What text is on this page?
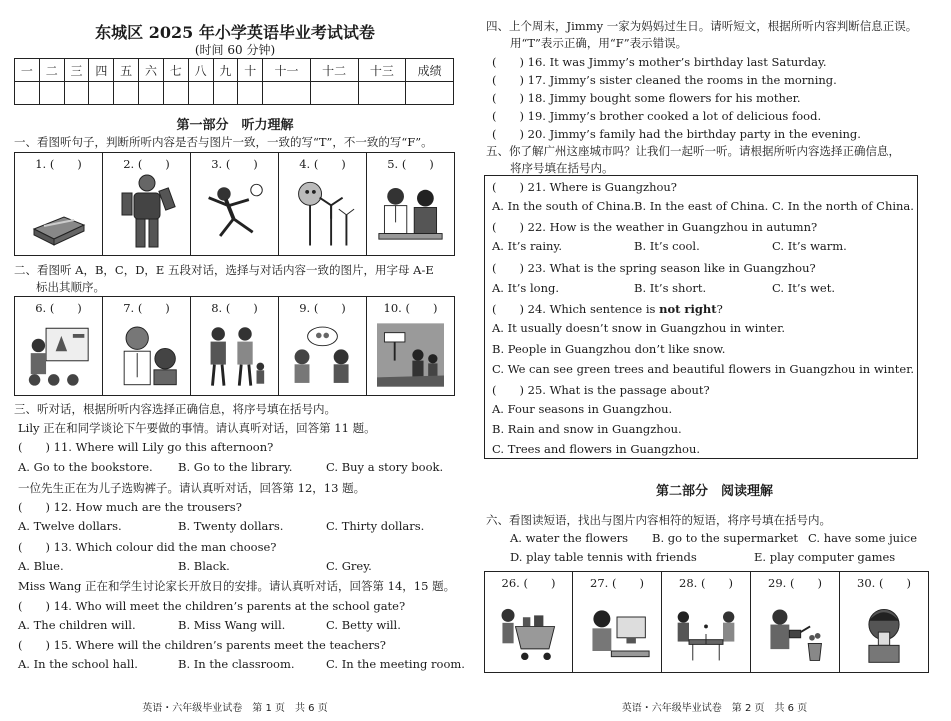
东城区 2025 年小学英语毕业考试试卷
(时间 60 分钟)
一	二	三	四	五	六	七	八	九	十	十一	十二	十三	成绩

第一部分　听力理解
一、看图听句子，判断所听内容是否与图片一致，一致的写“T”，不一致的写“F”。
1. (　　)	2. (　　)	3. (　　)	4. (　　)	5. (　　)
二、看图听 A，B，C，D，E 五段对话，选择与对话内容一致的图片，用字母 A-E
标出其顺序。
6. (　　)	7. (　　)	8. (　　)	9. (　　)	10. (　　)
三、听对话，根据所听内容选择正确信息，将序号填在括号内。
Lily 正在和同学谈论下午要做的事情。请认真听对话，回答第 11 题。
(　　) 11. Where will Lily go this afternoon?
A. Go to the bookstore. B. Go to the library.	C. Buy a story book.
一位先生正在为儿子选购裤子。请认真听对话，回答第 12，13 题。
(　　) 12. How much are the trousers?
A. Twelve dollars.	B. Twenty dollars.	C. Thirty dollars.
(　　) 13. Which colour did the man choose?
A. Blue.	B. Black.	C. Grey.
Miss Wang 正在和学生讨论家长开放日的安排。请认真听对话，回答第 14，15 题。
(　　) 14. Who will meet the children’s parents at the school gate?
A. The children will.	B. Miss Wang will.	C. Betty will.
(　　) 15. Where will the children’s parents meet the teachers?
A. In the school hall.	B. In the classroom.	C. In the meeting room.
英语・六年级毕业试卷　第 1 页　共 6 页
四、上个周末，Jimmy 一家为妈妈过生日。请听短文，根据所听内容判断信息正误。
用“T”表示正确，用“F”表示错误。
(　　) 16. It was Jimmy’s mother’s birthday last Saturday.
(　　) 17. Jimmy’s sister cleaned the rooms in the morning.
(　　) 18. Jimmy bought some flowers for his mother.
(　　) 19. Jimmy’s brother cooked a lot of delicious food.
(　　) 20. Jimmy’s family had the birthday party in the evening.
五、你了解广州这座城市吗？让我们一起听一听。请根据所听内容选择正确信息，
将序号填在括号内。
(　　) 21. Where is Guangzhou?
A. In the south of China. B. In the east of China. C. In the north of China.
(　　) 22. How is the weather in Guangzhou in autumn?
A. It’s rainy.	B. It’s cool.	C. It’s warm.
(　　) 23. What is the spring season like in Guangzhou?
A. It’s long.	B. It’s short.	C. It’s wet.
(　　) 24. Which sentence is not right?
A. It usually doesn’t snow in Guangzhou in winter.
B. People in Guangzhou don’t like snow.
C. We can see green trees and beautiful flowers in Guangzhou in winter.
(　　) 25. What is the passage about?
A. Four seasons in Guangzhou.
B. Rain and snow in Guangzhou.
C. Trees and flowers in Guangzhou.
第二部分　阅读理解
六、看图读短语，找出与图片内容相符的短语，将序号填在括号内。
A. water the flowers B. go to the supermarket C. have some juice
D. play table tennis with friends	E. play computer games
26. (　　)	27. (　　)	28. (　　)	29. (　　)	30. (　　)
英语・六年级毕业试卷　第 2 页　共 6 页
